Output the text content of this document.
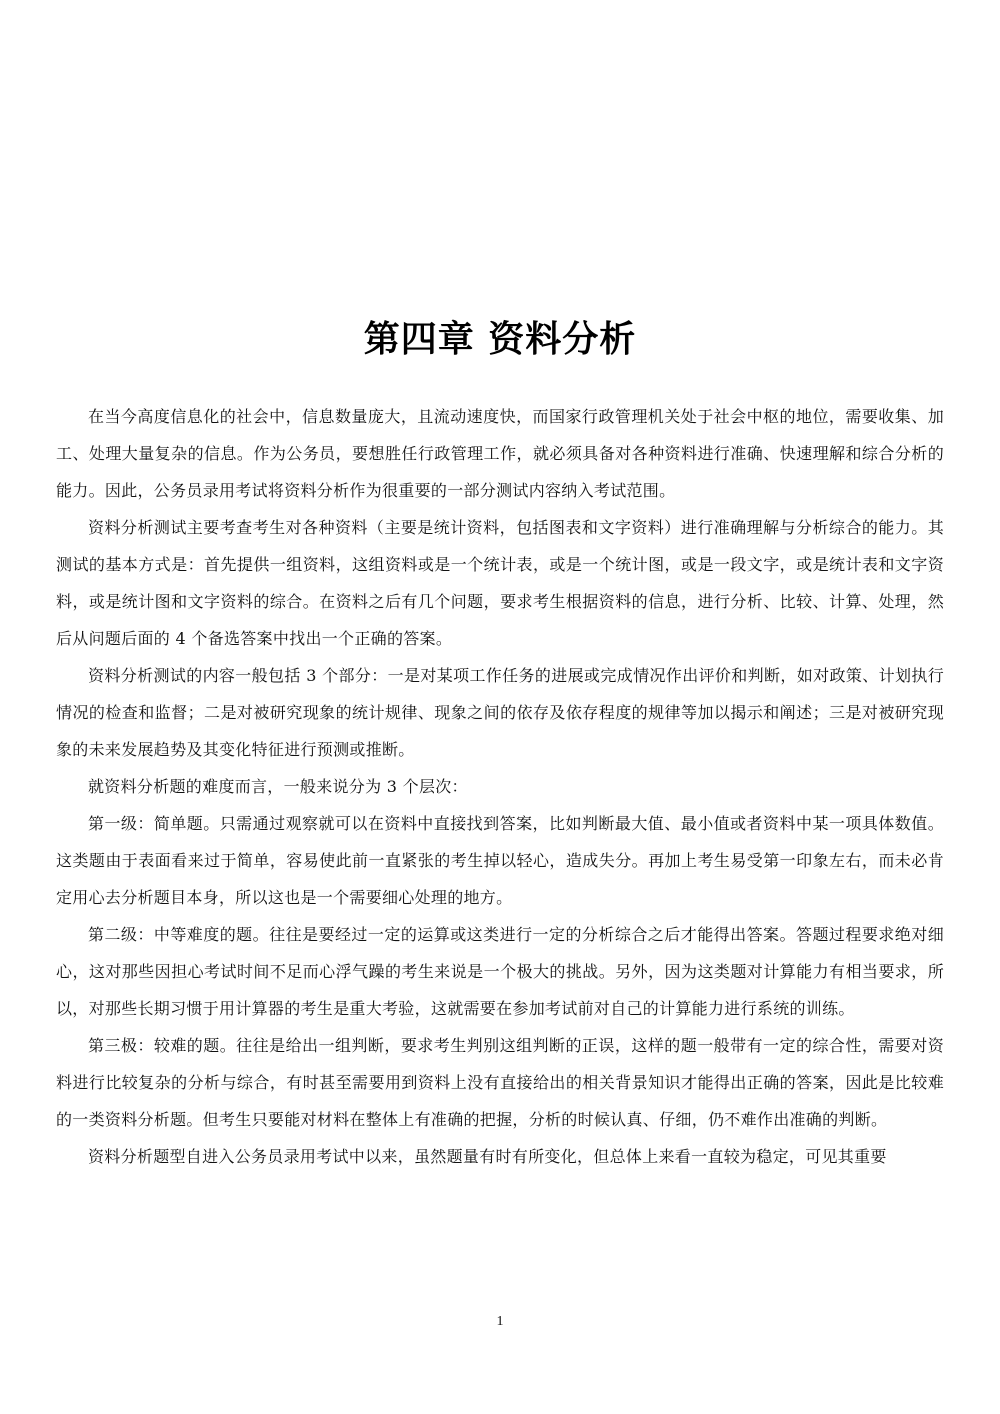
第四章 资料分析

在当今高度信息化的社会中，信息数量庞大，且流动速度快，而国家行政管理机关处于社会中枢的地位，需要收集、加工、处理大量复杂的信息。作为公务员，要想胜任行政管理工作，就必须具备对各种资料进行准确、快速理解和综合分析的能力。因此，公务员录用考试将资料分析作为很重要的一部分测试内容纳入考试范围。

资料分析测试主要考查考生对各种资料（主要是统计资料，包括图表和文字资料）进行准确理解与分析综合的能力。其测试的基本方式是：首先提供一组资料，这组资料或是一个统计表，或是一个统计图，或是一段文字，或是统计表和文字资料，或是统计图和文字资料的综合。在资料之后有几个问题，要求考生根据资料的信息，进行分析、比较、计算、处理，然后从问题后面的 4 个备选答案中找出一个正确的答案。

资料分析测试的内容一般包括 3 个部分：一是对某项工作任务的进展或完成情况作出评价和判断，如对政策、计划执行情况的检查和监督；二是对被研究现象的统计规律、现象之间的依存及依存程度的规律等加以揭示和阐述；三是对被研究现象的未来发展趋势及其变化特征进行预测或推断。

就资料分析题的难度而言，一般来说分为 3 个层次：

第一级：简单题。只需通过观察就可以在资料中直接找到答案，比如判断最大值、最小值或者资料中某一项具体数值。这类题由于表面看来过于简单，容易使此前一直紧张的考生掉以轻心，造成失分。再加上考生易受第一印象左右，而未必肯定用心去分析题目本身，所以这也是一个需要细心处理的地方。

第二级：中等难度的题。往往是要经过一定的运算或这类进行一定的分析综合之后才能得出答案。答题过程要求绝对细心，这对那些因担心考试时间不足而心浮气躁的考生来说是一个极大的挑战。另外，因为这类题对计算能力有相当要求，所以，对那些长期习惯于用计算器的考生是重大考验，这就需要在参加考试前对自己的计算能力进行系统的训练。

第三极：较难的题。往往是给出一组判断，要求考生判别这组判断的正误，这样的题一般带有一定的综合性，需要对资料进行比较复杂的分析与综合，有时甚至需要用到资料上没有直接给出的相关背景知识才能得出正确的答案，因此是比较难的一类资料分析题。但考生只要能对材料在整体上有准确的把握，分析的时候认真、仔细，仍不难作出准确的判断。

资料分析题型自进入公务员录用考试中以来，虽然题量有时有所变化，但总体上来看一直较为稳定，可见其重要

1
